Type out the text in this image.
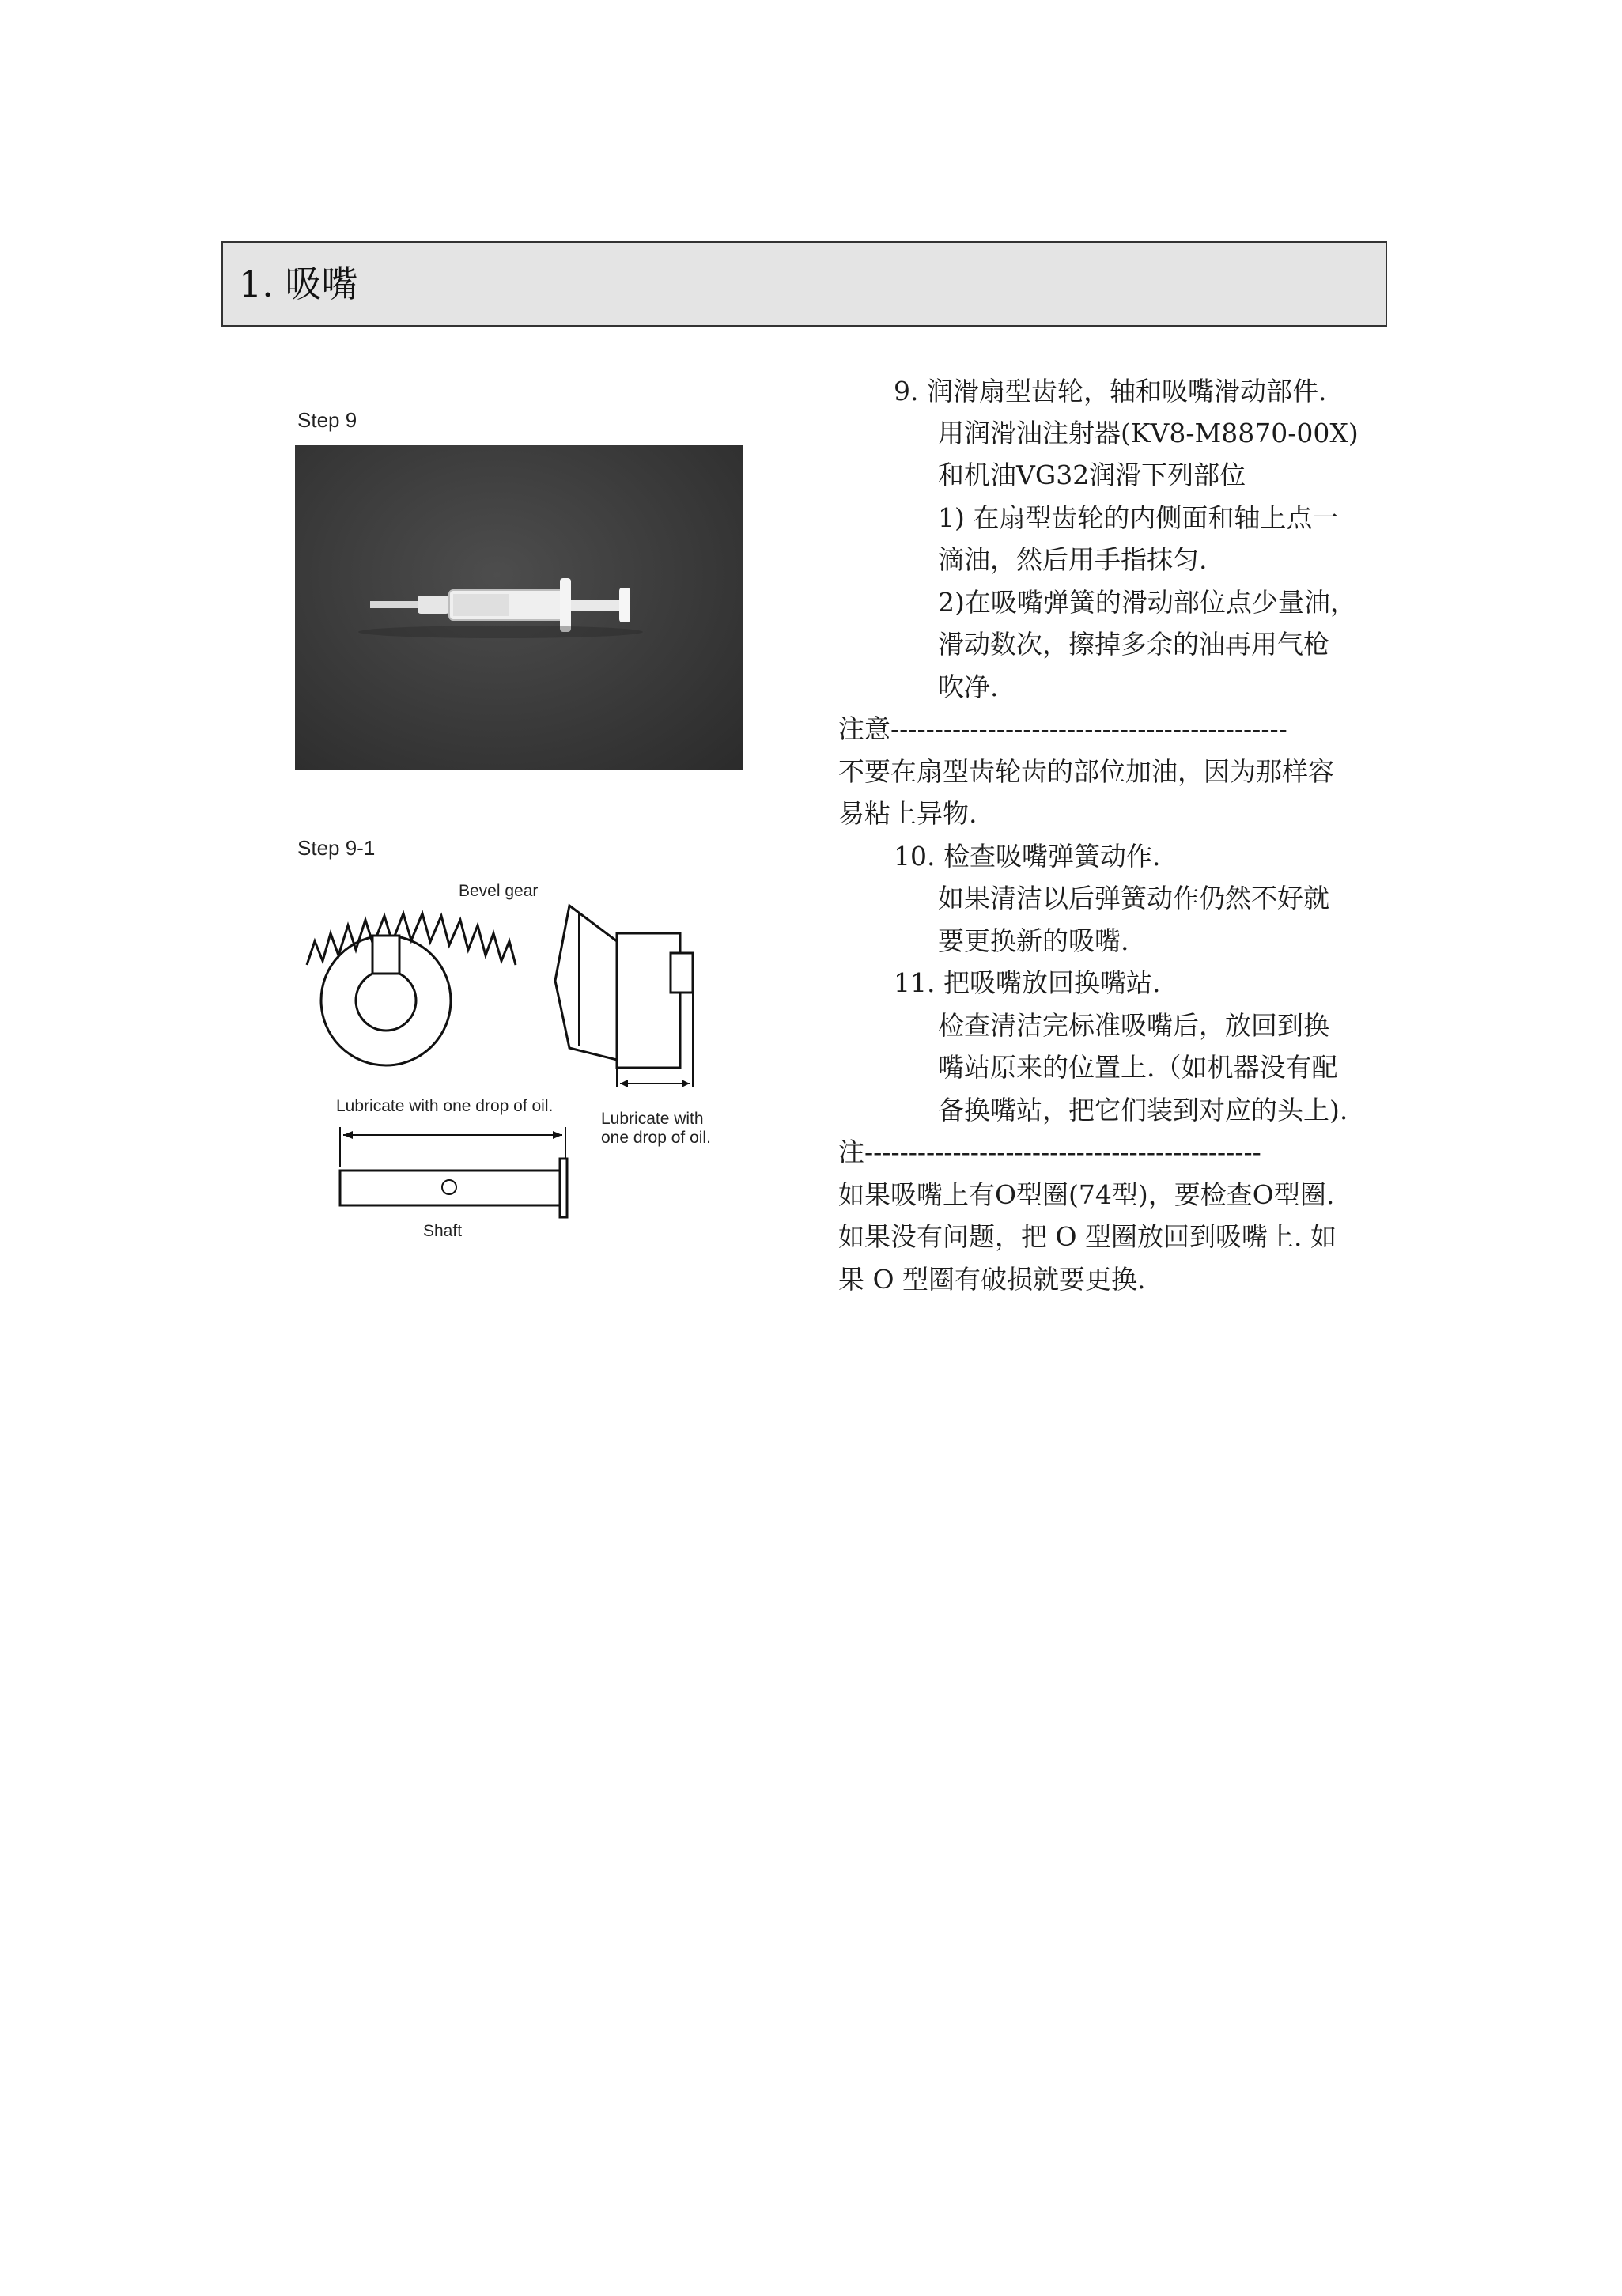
1. 吸嘴
Step 9
Step 9-1
Bevel gear
Lubricate with one drop of oil.
Lubricate with
one drop of oil.
Shaft
9. 润滑扇型齿轮，轴和吸嘴滑动部件.
用润滑油注射器(KV8-M8870-00X)
和机油VG32润滑下列部位
1) 在扇型齿轮的内侧面和轴上点一
滴油，然后用手指抹匀.
2)在吸嘴弹簧的滑动部位点少量油，
滑动数次，擦掉多余的油再用气枪
吹净.
注意---------------------------------------------
不要在扇型齿轮齿的部位加油，因为那样容
易粘上异物.
10. 检查吸嘴弹簧动作.
如果清洁以后弹簧动作仍然不好就
要更换新的吸嘴.
11. 把吸嘴放回换嘴站.
检查清洁完标准吸嘴后，放回到换
嘴站原来的位置上.（如机器没有配
备换嘴站，把它们装到对应的头上).
注---------------------------------------------
如果吸嘴上有O型圈(74型)，要检查O型圈.
如果没有问题，把 O 型圈放回到吸嘴上. 如
果 O 型圈有破损就要更换.
